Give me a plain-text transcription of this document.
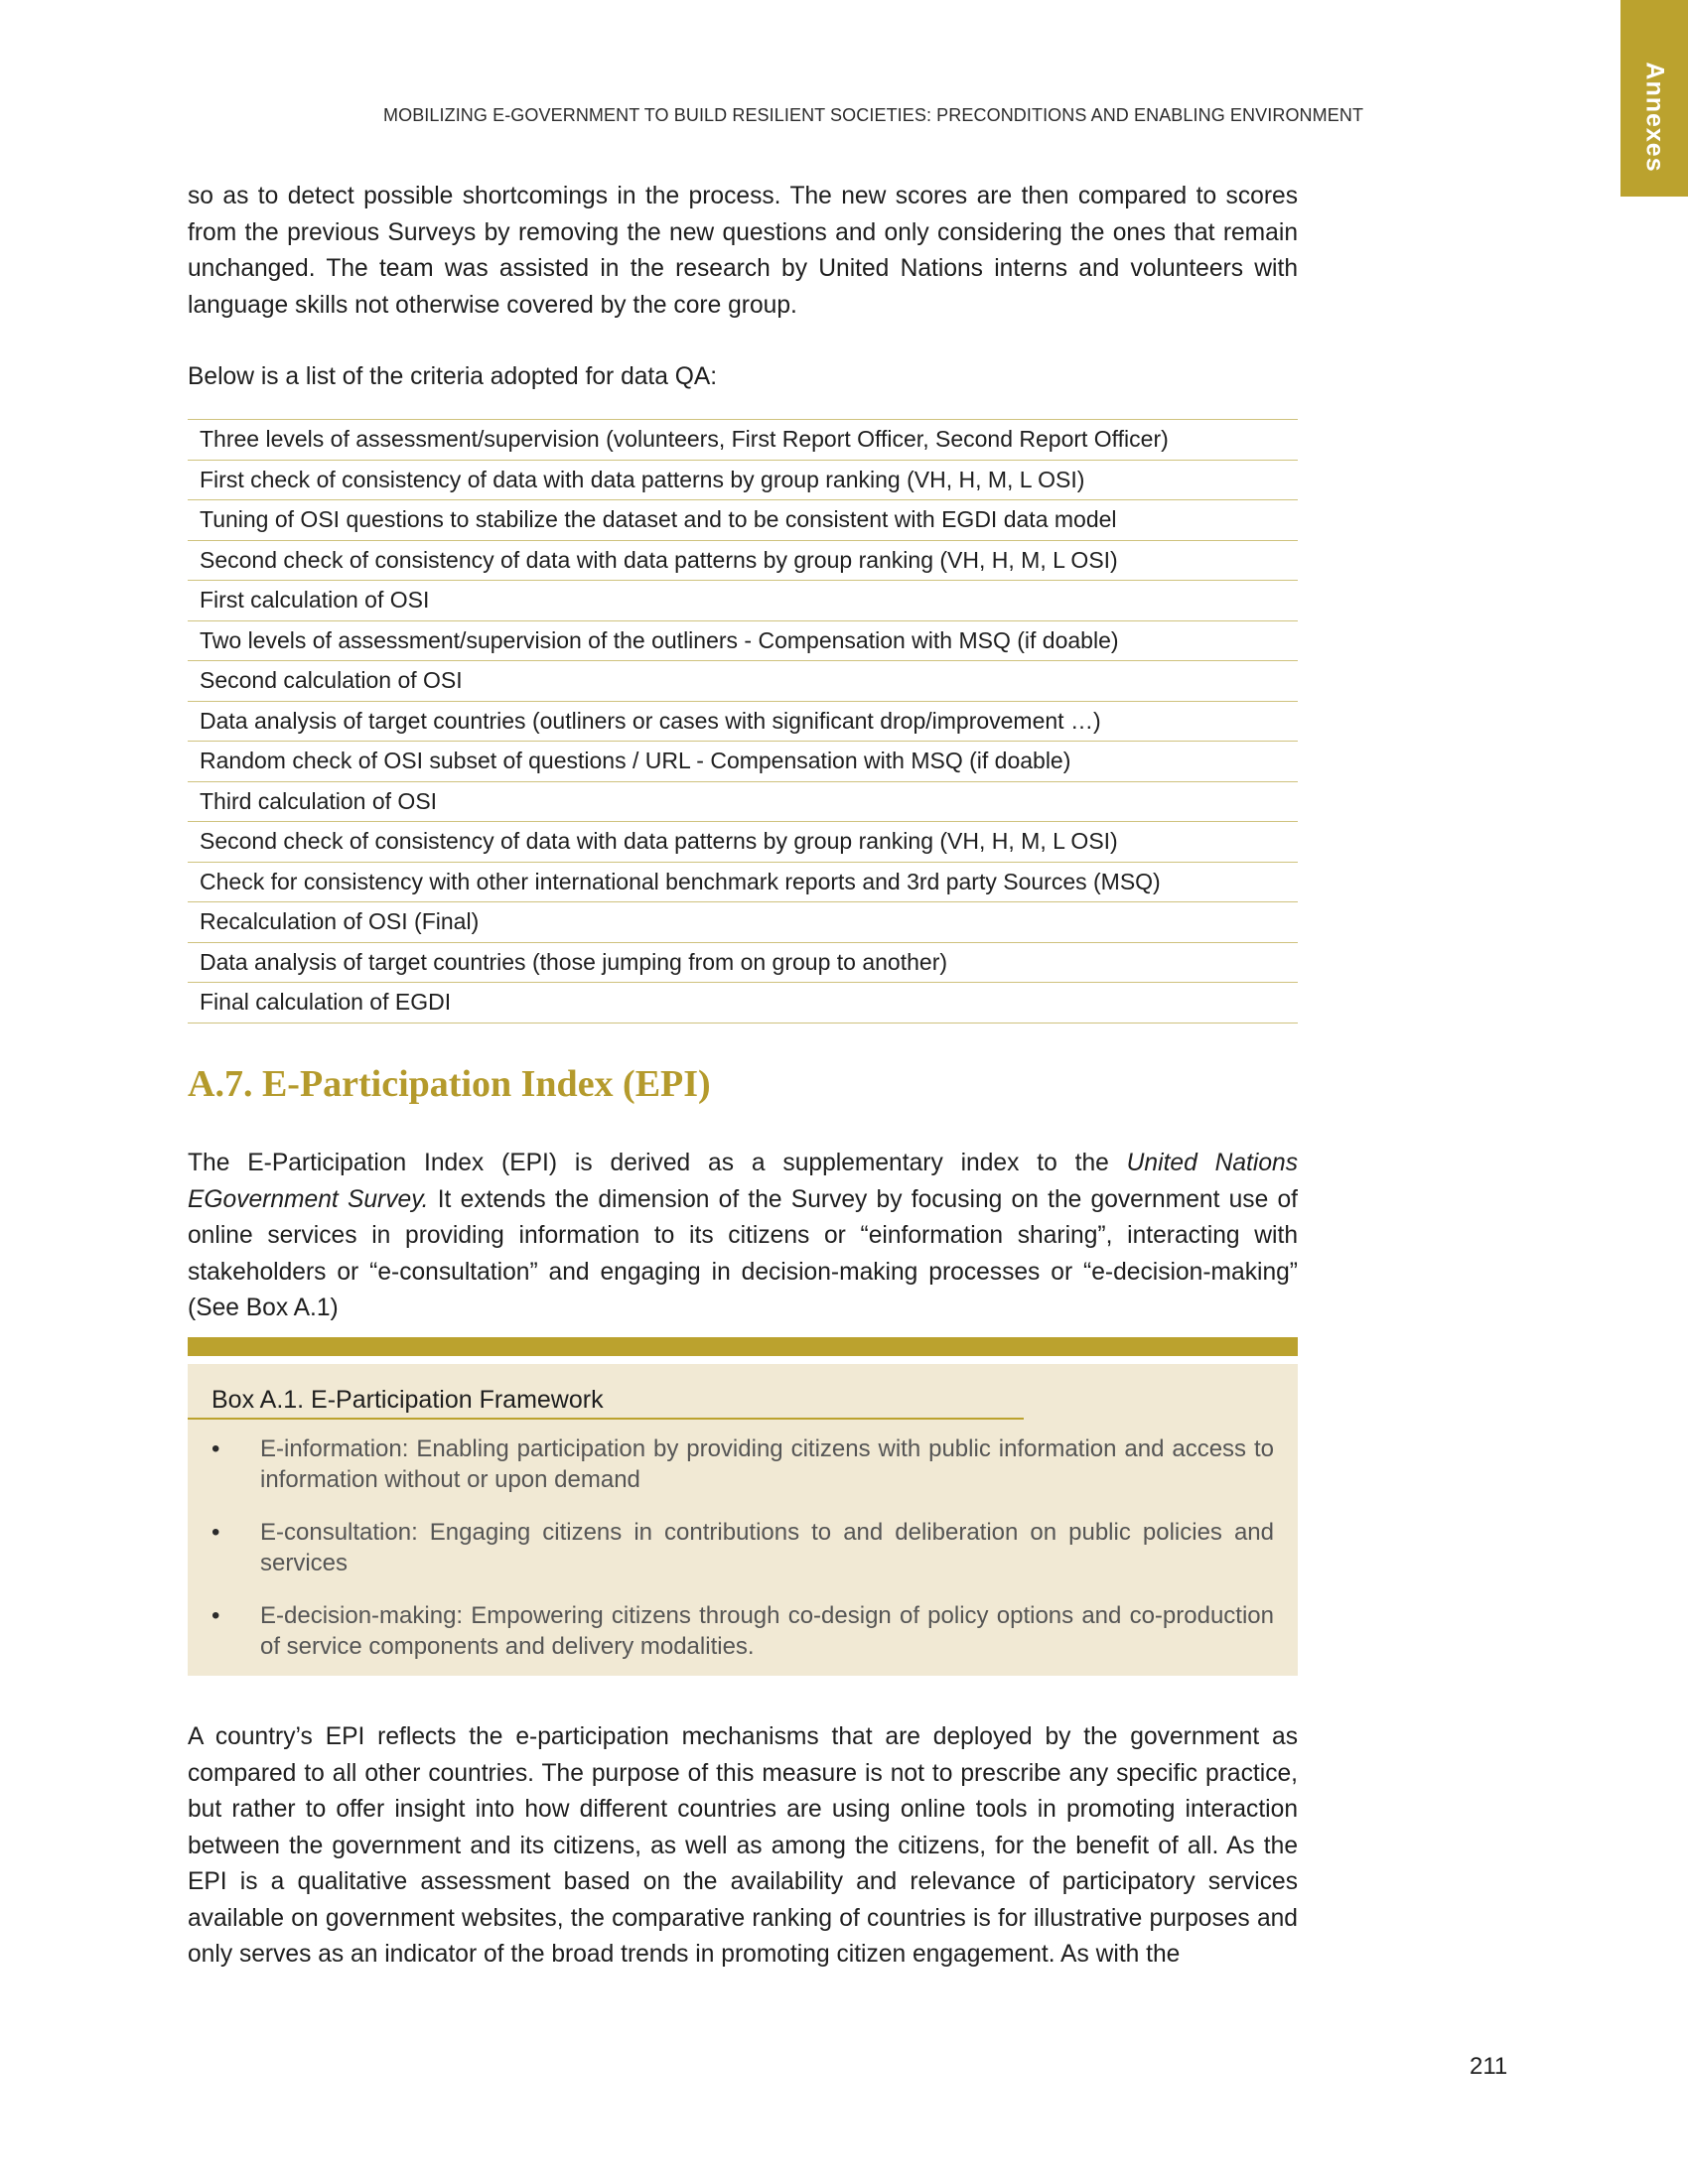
Annexes
MOBILIZING E-GOVERNMENT TO BUILD RESILIENT SOCIETIES: PRECONDITIONS AND ENABLING ENVIRONMENT

so as to detect possible shortcomings in the process. The new scores are then compared to scores from the previous Surveys by removing the new questions and only considering the ones that remain unchanged. The team was assisted in the research by United Nations interns and volunteers with language skills not otherwise covered by the core group.

Below is a list of the criteria adopted for data QA:

Three levels of assessment/supervision (volunteers, First Report Officer, Second Report Officer)
First check of consistency of data with data patterns by group ranking (VH, H, M, L OSI)
Tuning of OSI questions to stabilize the dataset and to be consistent with EGDI data model
Second check of consistency of data with data patterns by group ranking (VH, H, M, L OSI)
First calculation of OSI
Two levels of assessment/supervision of the outliners - Compensation with MSQ (if doable)
Second calculation of OSI
Data analysis of target countries (outliners or cases with significant drop/improvement …)
Random check of OSI subset of questions / URL - Compensation with MSQ (if doable)
Third calculation of OSI
Second check of consistency of data with data patterns by group ranking (VH, H, M, L OSI)
Check for consistency with other international benchmark reports and 3rd party Sources (MSQ)
Recalculation of OSI (Final)
Data analysis of target countries (those jumping from on group to another)
Final calculation of EGDI
A.7. E-Participation Index (EPI)

The E-Participation Index (EPI) is derived as a supplementary index to the United Nations EGovernment Survey. It extends the dimension of the Survey by focusing on the government use of online services in providing information to its citizens or “einformation sharing”, interacting with stakeholders or “e-consultation” and engaging in decision-making processes or “e-decision-making” (See Box A.1)

Box A.1. E-Participation Framework
• E-information: Enabling participation by providing citizens with public information and access to information without or upon demand
• E-consultation: Engaging citizens in contributions to and deliberation on public policies and services
• E-decision-making: Empowering citizens through co-design of policy options and co-production of service components and delivery modalities.

A country’s EPI reflects the e-participation mechanisms that are deployed by the government as compared to all other countries. The purpose of this measure is not to prescribe any specific practice, but rather to offer insight into how different countries are using online tools in promoting interaction between the government and its citizens, as well as among the citizens, for the benefit of all. As the EPI is a qualitative assessment based on the availability and relevance of participatory services available on government websites, the comparative ranking of countries is for illustrative purposes and only serves as an indicator of the broad trends in promoting citizen engagement. As with the

211
